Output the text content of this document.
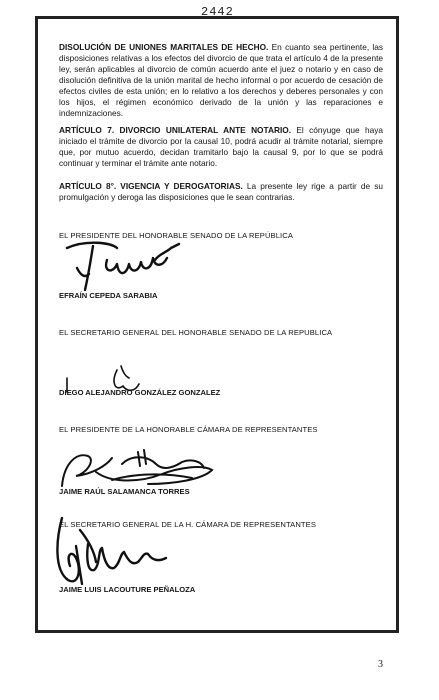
2442

DISOLUCIÓN DE UNIONES MARITALES DE HECHO. En cuanto sea pertinente, las disposiciones relativas a los efectos del divorcio de que trata el artículo 4 de la presente ley, serán aplicables al divorcio de común acuerdo ante el juez o notario y en caso de disolución definitiva de la unión marital de hecho informal o por acuerdo de cesación de efectos civiles de esta unión; en lo relativo a los derechos y deberes personales y con los hijos, el régimen económico derivado de la unión y las reparaciones e indemnizaciones.

ARTÍCULO 7. DIVORCIO UNILATERAL ANTE NOTARIO. El cónyuge que haya iniciado el trámite de divorcio por la causal 10, podrá acudir al trámite notarial, siempre que, por mutuo acuerdo, decidan tramitarlo bajo la causal 9, por lo que se podrá continuar y terminar el trámite ante notario.

ARTÍCULO 8°. VIGENCIA Y DEROGATORIAS. La presente ley rige a partir de su promulgación y deroga las disposiciones que le sean contrarias.

EL PRESIDENTE DEL HONORABLE SENADO DE LA REPÚBLICA

EFRAÍN CEPEDA SARABIA

EL SECRETARIO GENERAL DEL HONORABLE SENADO DE LA REPUBLICA

DIEGO ALEJANDRO GONZÁLEZ GONZALEZ

EL PRESIDENTE DE LA HONORABLE CÁMARA DE REPRESENTANTES

JAIME RAÚL SALAMANCA TORRES

EL SECRETARIO GENERAL DE LA H. CÁMARA DE REPRESENTANTES

JAIME LUIS LACOUTURE PEÑALOZA

3
